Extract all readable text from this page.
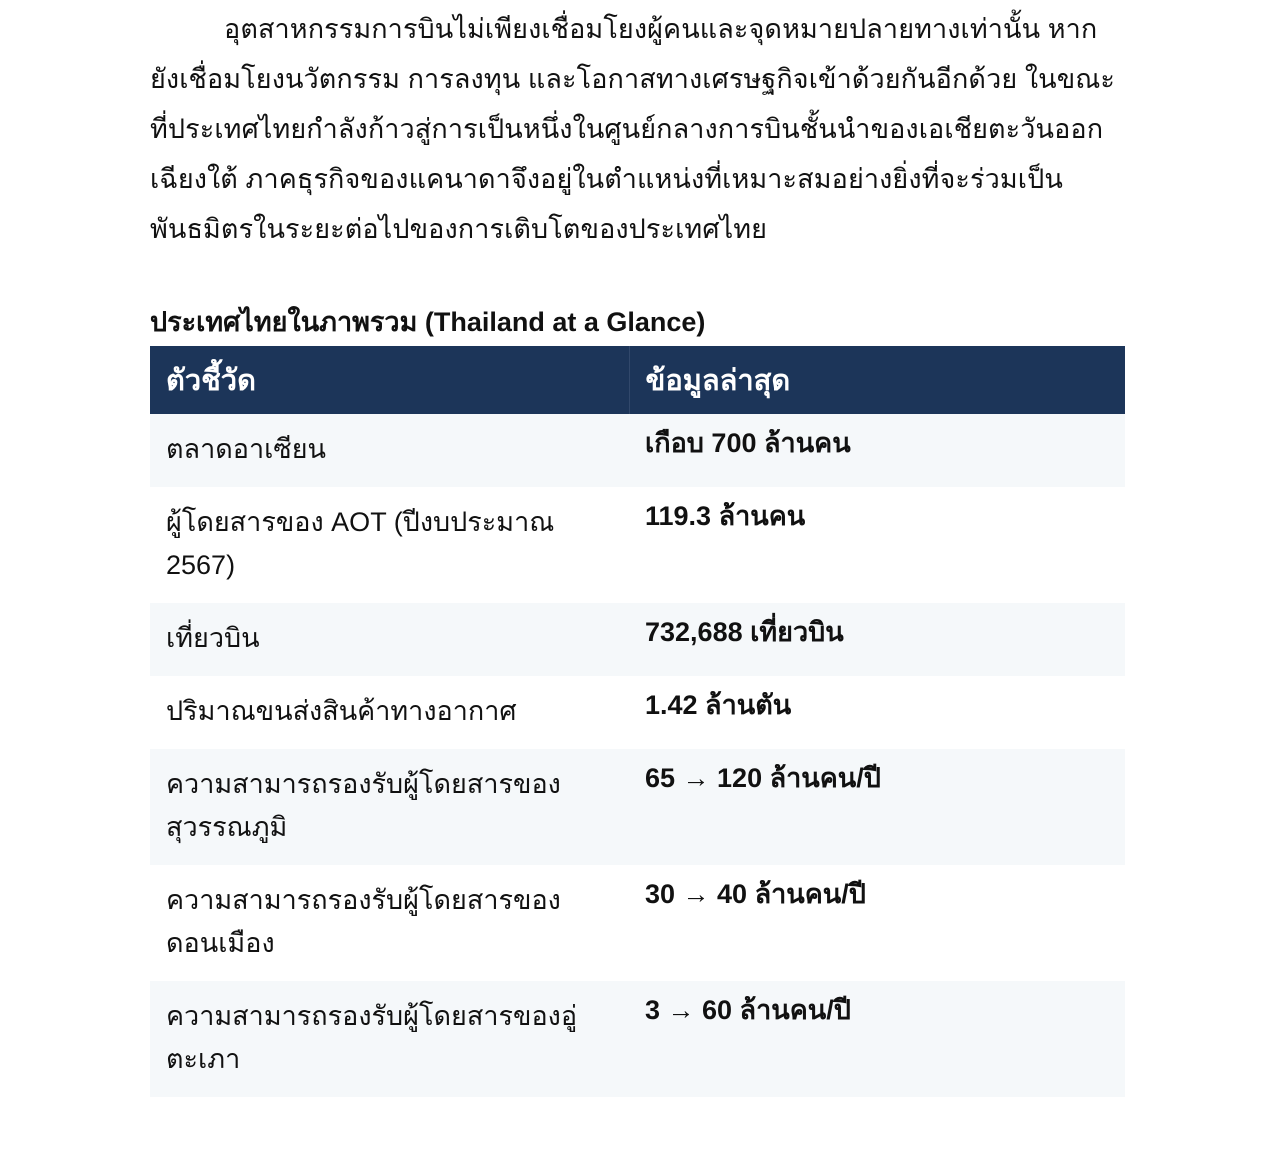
อุตสาหกรรมการบินไม่เพียงเชื่อมโยงผู้คนและจุดหมายปลายทางเท่านั้น หากยังเชื่อมโยงนวัตกรรม การลงทุน และโอกาสทางเศรษฐกิจเข้าด้วยกันอีกด้วย ในขณะที่ประเทศไทยกำลังก้าวสู่การเป็นหนึ่งในศูนย์กลางการบินชั้นนำของเอเชียตะวันออกเฉียงใต้ ภาคธุรกิจของแคนาดาจึงอยู่ในตำแหน่งที่เหมาะสมอย่างยิ่งที่จะร่วมเป็นพันธมิตรในระยะต่อไปของการเติบโตของประเทศไทย

ประเทศไทยในภาพรวม (Thailand at a Glance)
ตัวชี้วัด	ข้อมูลล่าสุด
ตลาดอาเซียน	เกือบ 700 ล้านคน
ผู้โดยสารของ AOT (ปีงบประมาณ 2567)	119.3 ล้านคน
เที่ยวบิน	732,688 เที่ยวบิน
ปริมาณขนส่งสินค้าทางอากาศ	1.42 ล้านตัน
ความสามารถรองรับผู้โดยสารของสุวรรณภูมิ	65 → 120 ล้านคน/ปี
ความสามารถรองรับผู้โดยสารของดอนเมือง	30 → 40 ล้านคน/ปี
ความสามารถรองรับผู้โดยสารของอู่ตะเภา	3 → 60 ล้านคน/ปี
